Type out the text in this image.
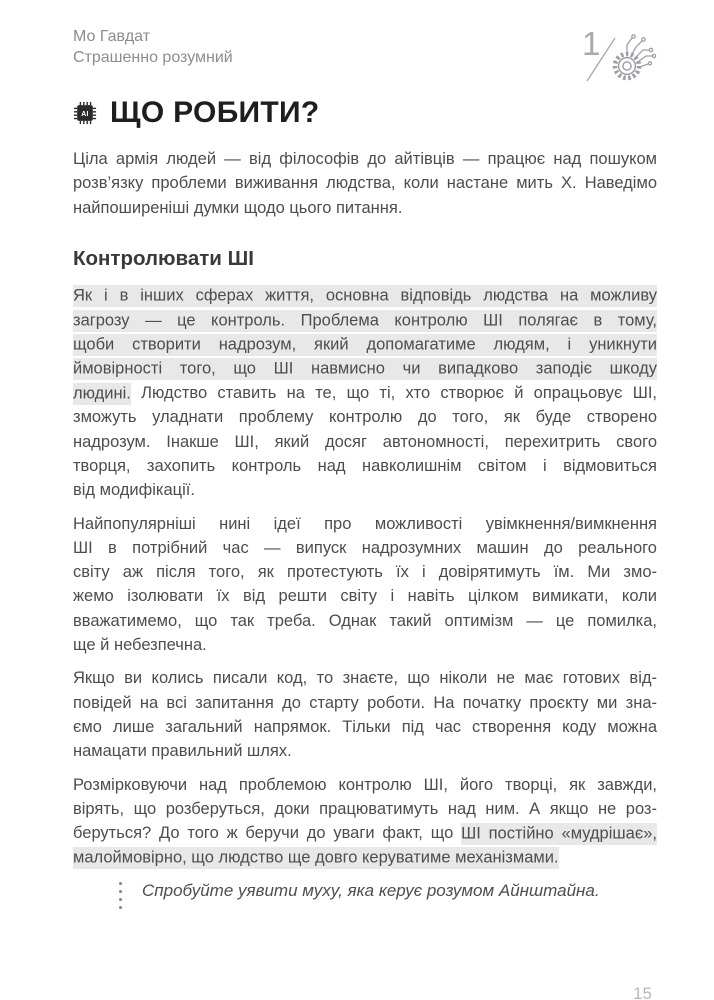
Мо Гавдат
Страшенно розумний	1
AI ЩО РОБИТИ?

Ціла армія людей — від філософів до айтівців — працює над пошуком
розв’язку проблеми виживання людства, коли настане мить Х. Наведімо
найпоширеніші думки щодо цього питання.

Контролювати ШІ

Як і в інших сферах життя, основна відповідь людства на можливу
загрозу — це контроль. Проблема контролю ШІ полягає в тому,
щоби створити надрозум, який допомагатиме людям, і уникнути
ймовірності того, що ШІ навмисно чи випадково заподіє шкоду
людині. Людство ставить на те, що ті, хто створює й опрацьовує ШІ,
зможуть уладнати проблему контролю до того, як буде створено
надрозум. Інакше ШІ, який досяг автономності, перехитрить свого
творця, захопить контроль над навколишнім світом і відмовиться
від модифікації.

Найпопулярніші нині ідеї про можливості увімкнення/вимкнення
ШІ в потрібний час — випуск надрозумних машин до реального
світу аж після того, як протестують їх і довірятимуть їм. Ми змо-
жемо ізолювати їх від решти світу і навіть цілком вимикати, коли
вважатимемо, що так треба. Однак такий оптимізм — це помилка,
ще й небезпечна.

Якщо ви колись писали код, то знаєте, що ніколи не має готових від-
повідей на всі запитання до старту роботи. На початку проєкту ми зна-
ємо лише загальний напрямок. Тільки під час створення коду можна
намацати правильний шлях.

Розмірковуючи над проблемою контролю ШІ, його творці, як завжди,
вірять, що розберуться, доки працюватимуть над ним. А якщо не роз-
беруться? До того ж беручи до уваги факт, що ШІ постійно «мудрішає»,
малоймовірно, що людство ще довго керуватиме механізмами.

Спробуйте уявити муху, яка керує розумом Айнштайна.
15
